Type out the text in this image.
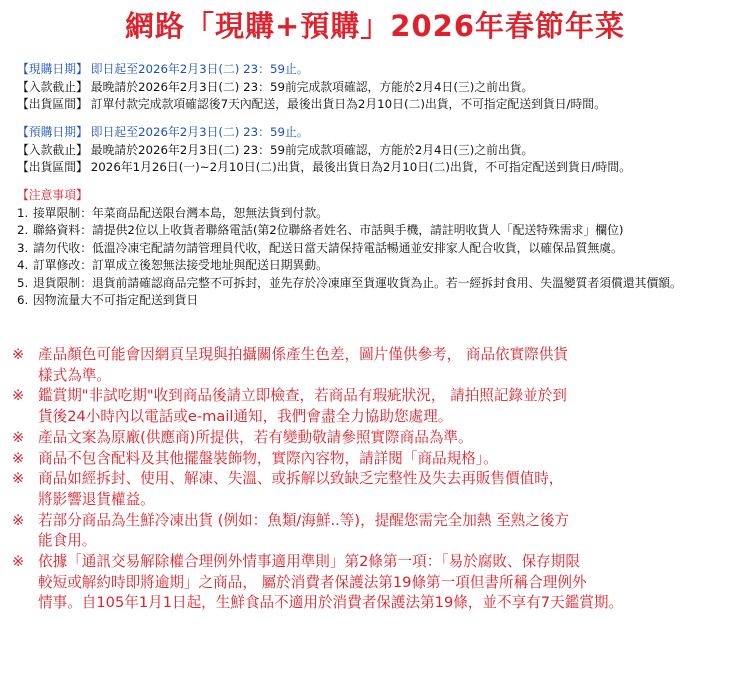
網路「現購+預購」2026年春節年菜
【現購日期】 即日起至2026年2月3日(二) 23：59止。
【入款截止】 最晚請於2026年2月3日(二) 23：59前完成款項確認，方能於2月4日(三)之前出貨。
【出貨區間】 訂單付款完成款項確認後7天內配送，最後出貨日為2月10日(二)出貨，不可指定配送到貨日/時間。
【預購日期】 即日起至2026年2月3日(二) 23：59止。
【入款截止】 最晚請於2026年2月3日(二) 23：59前完成款項確認，方能於2月4日(三)之前出貨。
【出貨區間】 2026年1月26日(一)~2月10日(二)出貨，最後出貨日為2月10日(二)出貨，不可指定配送到貨日/時間。
【注意事項】
1. 接單限制：年菜商品配送限台灣本島，恕無法貨到付款。
2. 聯絡資料：請提供2位以上收貨者聯絡電話(第2位聯絡者姓名、市話與手機，請註明收貨人「配送特殊需求」欄位)
3. 請勿代收：低溫冷凍宅配請勿請管理員代收，配送日當天請保持電話暢通並安排家人配合收貨，以確保品質無虞。
4. 訂單修改：訂單成立後恕無法接受地址與配送日期異動。
5. 退貨限制：退貨前請確認商品完整不可拆封，並先存於冷凍庫至貨運收貨為止。若一經拆封食用、失溫變質者須償還其價額。
6. 因物流量大不可指定配送到貨日
※ 產品顏色可能會因網頁呈現與拍攝關係產生色差，圖片僅供參考， 商品依實際供貨
樣式為準。
※ 鑑賞期"非試吃期"收到商品後請立即檢查，若商品有瑕疵狀況， 請拍照記錄並於到
貨後24小時內以電話或e-mail通知，我們會盡全力協助您處理。
※ 產品文案為原廠(供應商)所提供，若有變動敬請參照實際商品為準。
※ 商品不包含配料及其他擺盤裝飾物，實際內容物，請詳閱「商品規格」。
※ 商品如經拆封、使用、解凍、失溫、或拆解以致缺乏完整性及失去再販售價值時，
將影響退貨權益。
※ 若部分商品為生鮮冷凍出貨 (例如：魚類/海鮮..等)，提醒您需完全加熱 至熟之後方
能食用。
※ 依據「通訊交易解除權合理例外情事適用準則」第2條第一項：「易於腐敗、保存期限
較短或解約時即將逾期」之商品， 屬於消費者保護法第19條第一項但書所稱合理例外
情事。自105年1月1日起，生鮮食品不適用於消費者保護法第19條，並不享有7天鑑賞期。
